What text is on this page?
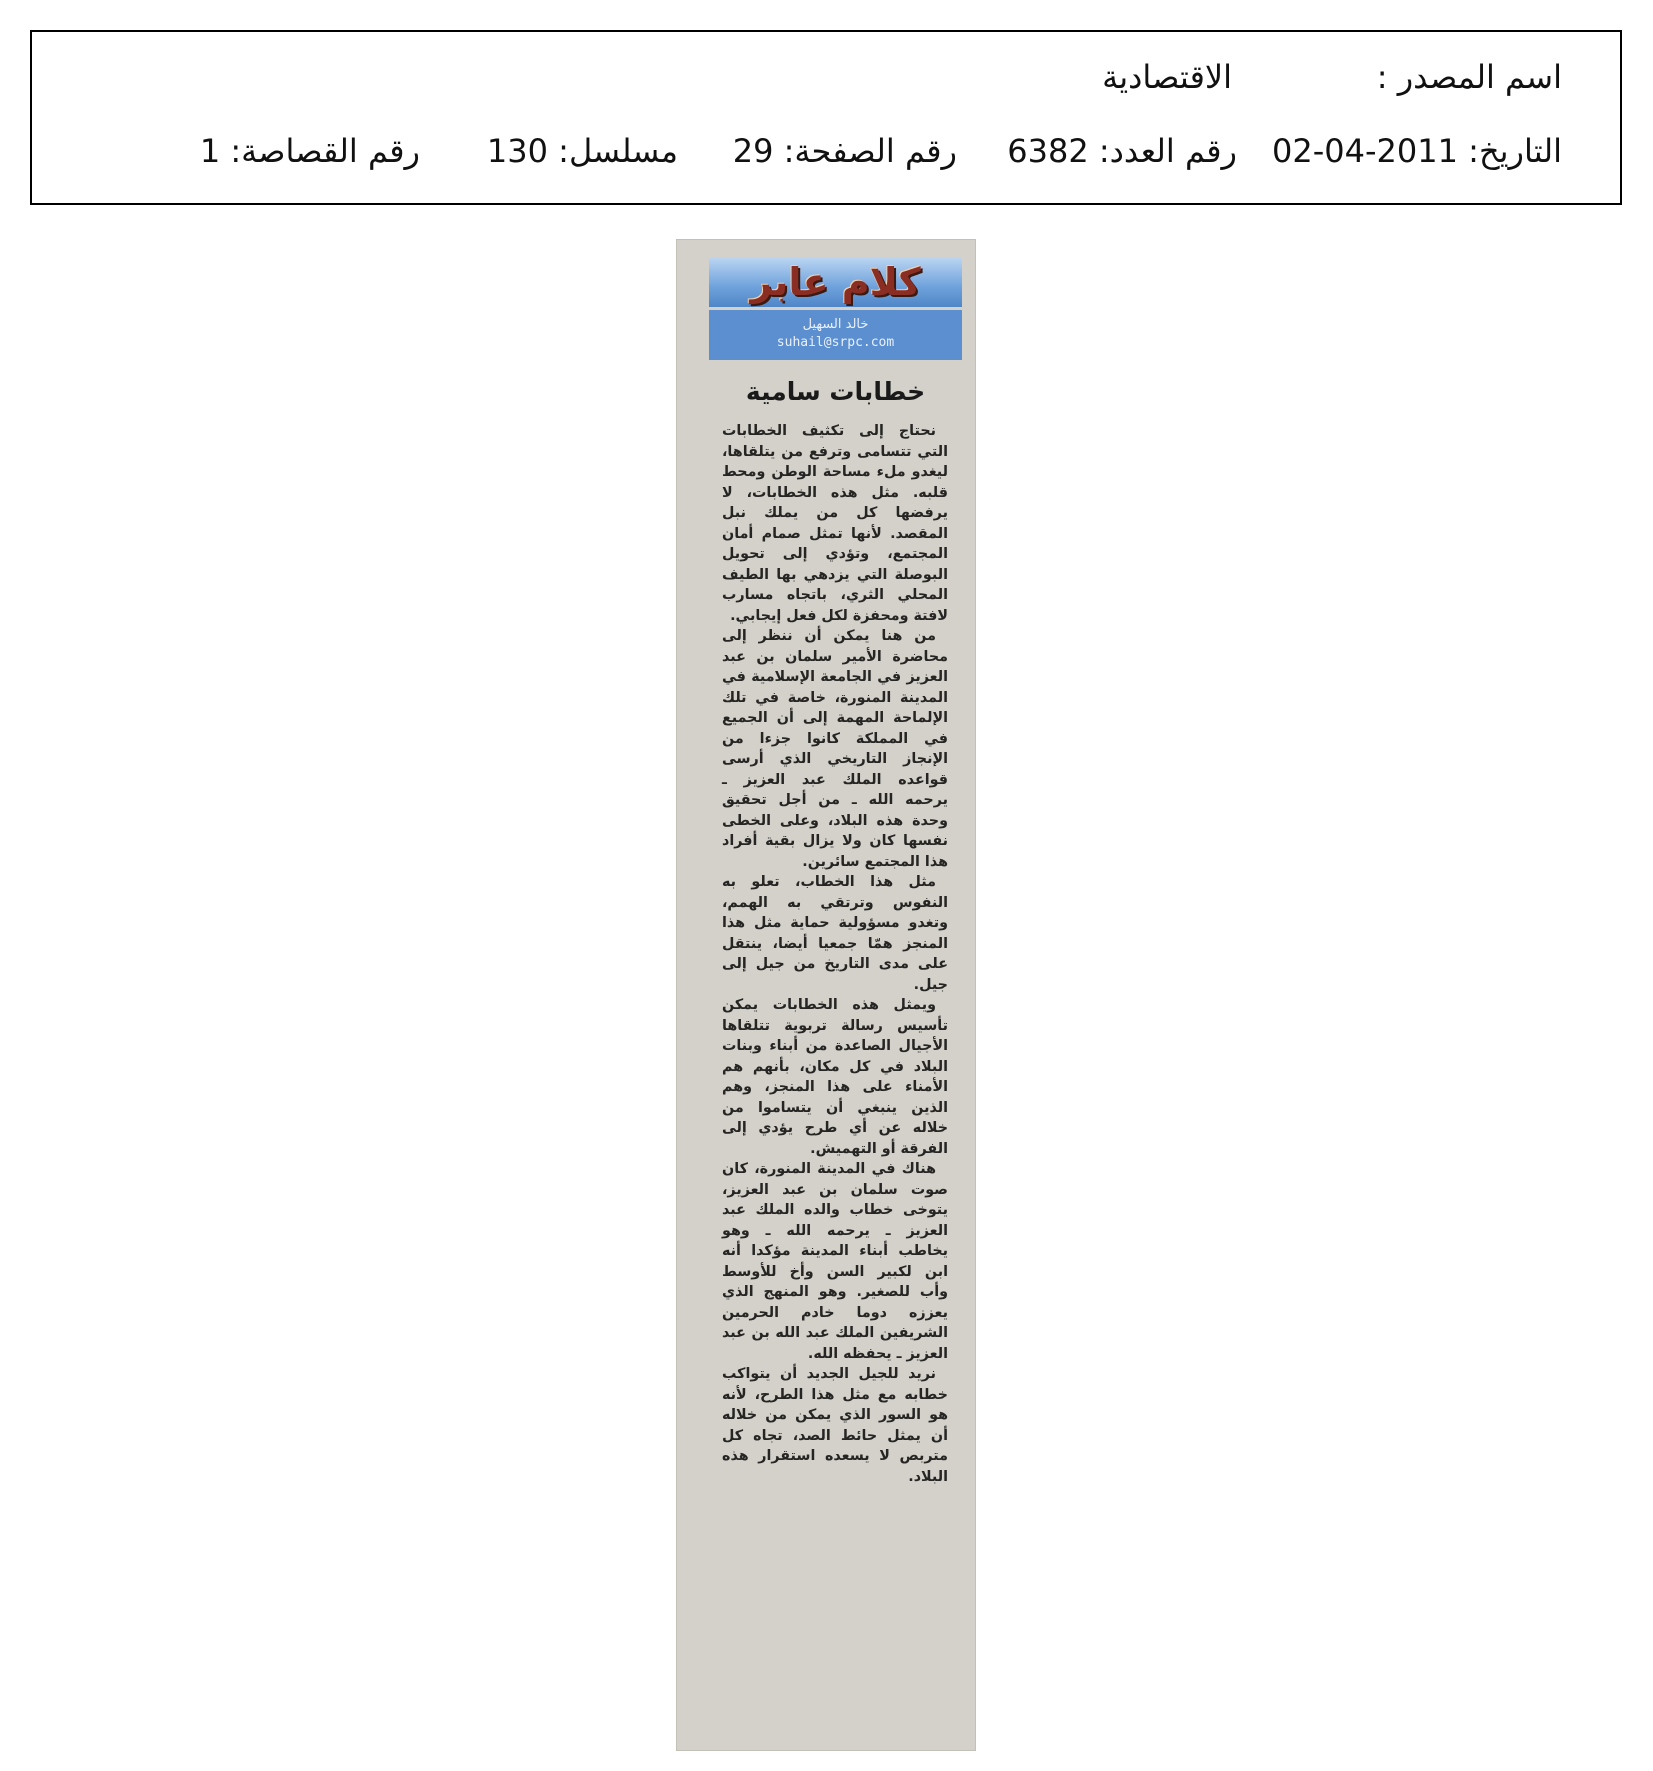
اسم المصدر :
الاقتصادية
التاريخ: 2011-04-02
رقم العدد: 6382
رقم الصفحة: 29
مسلسل: 130
رقم القصاصة: 1
كلام عابر
خالد السهيل
suhail@srpc.com
خطابات سامية

نحتاج إلى تكثيف الخطابات التي تتسامى وترفع من يتلقاها، ليغدو ملء مساحة الوطن ومحط قلبه. مثل هذه الخطابات، لا يرفضها كل من يملك نبل المقصد. لأنها تمثل صمام أمان المجتمع، وتؤدي إلى تحويل البوصلة التي يزدهي بها الطيف المحلي الثري، باتجاه مسارب لافتة ومحفزة لكل فعل إيجابي.

من هنا يمكن أن ننظر إلى محاضرة الأمير سلمان بن عبد العزيز في الجامعة الإسلامية في المدينة المنورة، خاصة في تلك الإلماحة المهمة إلى أن الجميع في المملكة كانوا جزءا من الإنجاز التاريخي الذي أرسى قواعده الملك عبد العزيز ـ يرحمه الله ـ من أجل تحقيق وحدة هذه البلاد، وعلى الخطى نفسها كان ولا يزال بقية أفراد هذا المجتمع سائرين.

مثل هذا الخطاب، تعلو به النفوس وترتقي به الهمم، وتغدو مسؤولية حماية مثل هذا المنجز همّا جمعيا أيضا، ينتقل على مدى التاريخ من جيل إلى جيل.

ويمثل هذه الخطابات يمكن تأسيس رسالة تربوية تتلقاها الأجيال الصاعدة من أبناء وبنات البلاد في كل مكان، بأنهم هم الأمناء على هذا المنجز، وهم الذين ينبغي أن يتساموا من خلاله عن أي طرح يؤدي إلى الفرقة أو التهميش.

هناك في المدينة المنورة، كان صوت سلمان بن عبد العزيز، يتوخى خطاب والده الملك عبد العزيز ـ يرحمه الله ـ وهو يخاطب أبناء المدينة مؤكدا أنه ابن لكبير السن وأخ للأوسط وأب للصغير. وهو المنهج الذي يعززه دوما خادم الحرمين الشريفين الملك عبد الله بن عبد العزيز ـ يحفظه الله.

نريد للجيل الجديد أن يتواكب خطابه مع مثل هذا الطرح، لأنه هو السور الذي يمكن من خلاله أن يمثل حائط الصد، تجاه كل متربص لا يسعده استقرار هذه البلاد.
